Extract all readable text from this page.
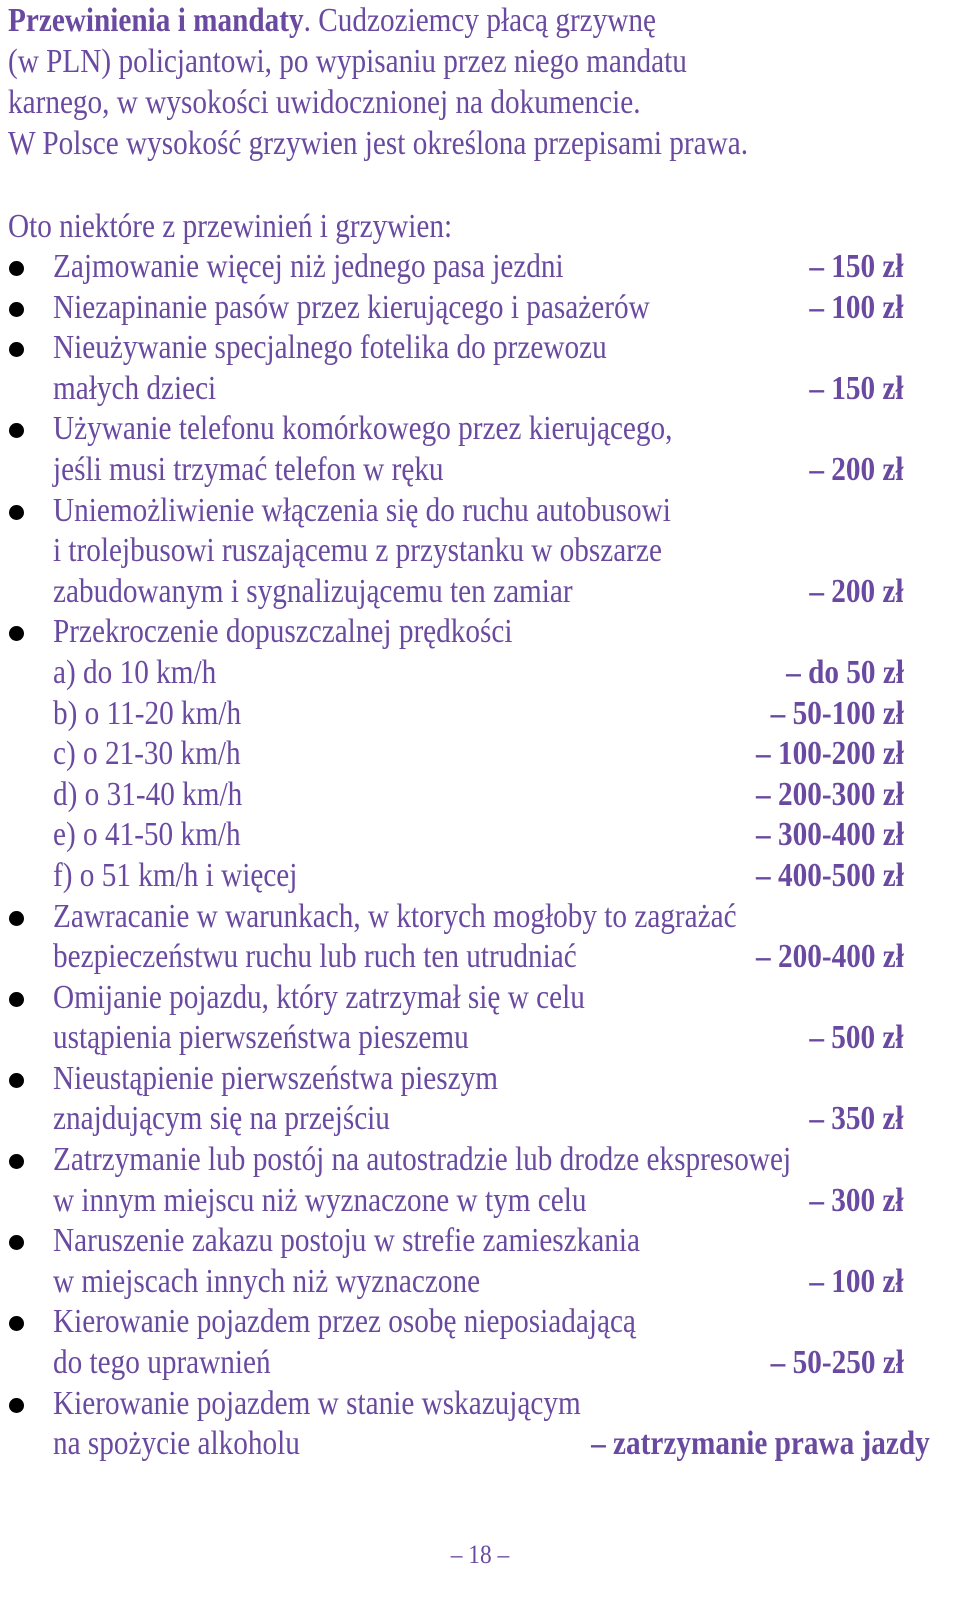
Przewinienia i mandaty. Cudzoziemcy płacą grzywnę
(w PLN) policjantowi, po wypisaniu przez niego mandatu
karnego, w wysokości uwidocznionej na dokumencie.
W Polsce wysokość grzywien jest określona przepisami prawa.
Oto niektóre z przewinień i grzywien:
Zajmowanie więcej niż jednego pasa jezdni	– 150 zł
Niezapinanie pasów przez kierującego i pasażerów	– 100 zł
Nieużywanie specjalnego fotelika do przewozu
małych dzieci	– 150 zł
Używanie telefonu komórkowego przez kierującego,
jeśli musi trzymać telefon w ręku	– 200 zł
Uniemożliwienie włączenia się do ruchu autobusowi
i trolejbusowi ruszającemu z przystanku w obszarze
zabudowanym i sygnalizującemu ten zamiar	– 200 zł
Przekroczenie dopuszczalnej prędkości
a) do 10 km/h	– do 50 zł
b) o 11-20 km/h	– 50-100 zł
c) o 21-30 km/h	– 100-200 zł
d) o 31-40 km/h	– 200-300 zł
e) o 41-50 km/h	– 300-400 zł
f) o 51 km/h i więcej	– 400-500 zł
Zawracanie w warunkach, w ktorych mogłoby to zagrażać
bezpieczeństwu ruchu lub ruch ten utrudniać	– 200-400 zł
Omijanie pojazdu, który zatrzymał się w celu
ustąpienia pierwszeństwa pieszemu	– 500 zł
Nieustąpienie pierwszeństwa pieszym
znajdującym się na przejściu	– 350 zł
Zatrzymanie lub postój na autostradzie lub drodze ekspresowej
w innym miejscu niż wyznaczone w tym celu	– 300 zł
Naruszenie zakazu postoju w strefie zamieszkania
w miejscach innych niż wyznaczone	– 100 zł
Kierowanie pojazdem przez osobę nieposiadającą
do tego uprawnień	– 50-250 zł
Kierowanie pojazdem w stanie wskazującym
na spożycie alkoholu	– zatrzymanie prawa jazdy
– 18 –
